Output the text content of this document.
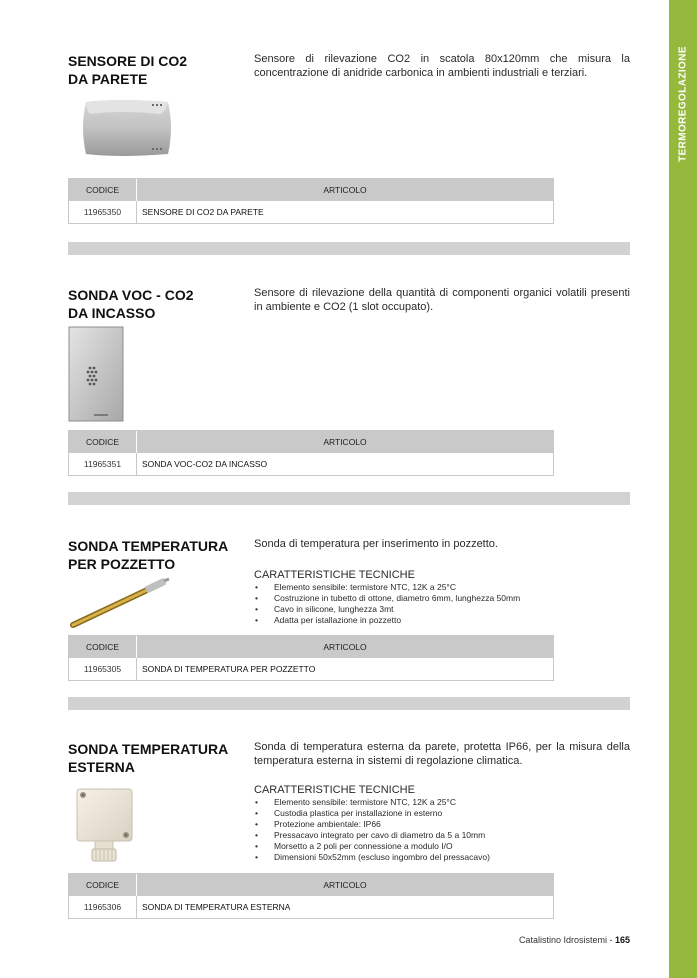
TERMOREGOLAZIONE
SENSORE DI CO2
DA PARETE
Sensore di rilevazione CO2 in scatola 80x120mm che misura la concentrazione di anidride carbonica in ambienti industriali e terziari.
CODICE	ARTICOLO
11965350	SENSORE DI CO2 DA PARETE
SONDA VOC - CO2
DA INCASSO
Sensore di rilevazione della quantità di componenti organici volatili presenti in ambiente e CO2 (1 slot occupato).
CODICE	ARTICOLO
11965351	SONDA VOC-CO2 DA INCASSO
SONDA TEMPERATURA
PER POZZETTO
Sonda di temperatura per inserimento in pozzetto.
CARATTERISTICHE TECNICHE
• Elemento sensibile: termistore NTC, 12K a 25°C
• Costruzione in tubetto di ottone, diametro 6mm, lunghezza 50mm
• Cavo in silicone, lunghezza 3mt
• Adatta per istallazione in pozzetto
CODICE	ARTICOLO
11965305	SONDA DI TEMPERATURA PER POZZETTO
SONDA TEMPERATURA
ESTERNA
Sonda di temperatura esterna da parete, protetta IP66, per la misura della temperatura esterna in sistemi di regolazione climatica.
CARATTERISTICHE TECNICHE
• Elemento sensibile: termistore NTC, 12K a 25°C
• Custodia plastica per installazione in esterno
• Protezione ambientale: IP66
• Pressacavo integrato per cavo di diametro da 5 a 10mm
• Morsetto a 2 poli per connessione a modulo I/O
• Dimensioni 50x52mm (escluso ingombro del pressacavo)
CODICE	ARTICOLO
11965306	SONDA DI TEMPERATURA ESTERNA
Catalistino Idrosistemi - 165
